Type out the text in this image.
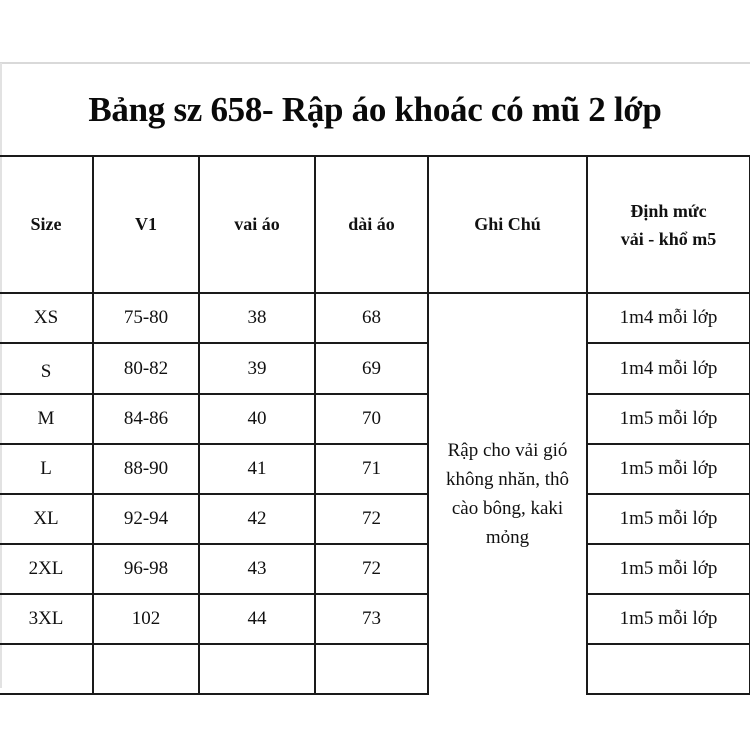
Bảng sz 658- Rập áo khoác có mũ 2 lớp
Size	V1	vai áo	dài áo	Ghi Chú	Định mức
vải - khổ m5

XS	75-80	38	68	Rập cho vải gió không nhăn, thô cào bông, kaki mỏng	1m4 mỗi lớp
S	80-82	39	69		1m4 mỗi lớp
M	84-86	40	70		1m5 mỗi lớp
L	88-90	41	71		1m5 mỗi lớp
XL	92-94	42	72		1m5 mỗi lớp
2XL	96-98	43	72		1m5 mỗi lớp
3XL	102	44	73		1m5 mỗi lớp
